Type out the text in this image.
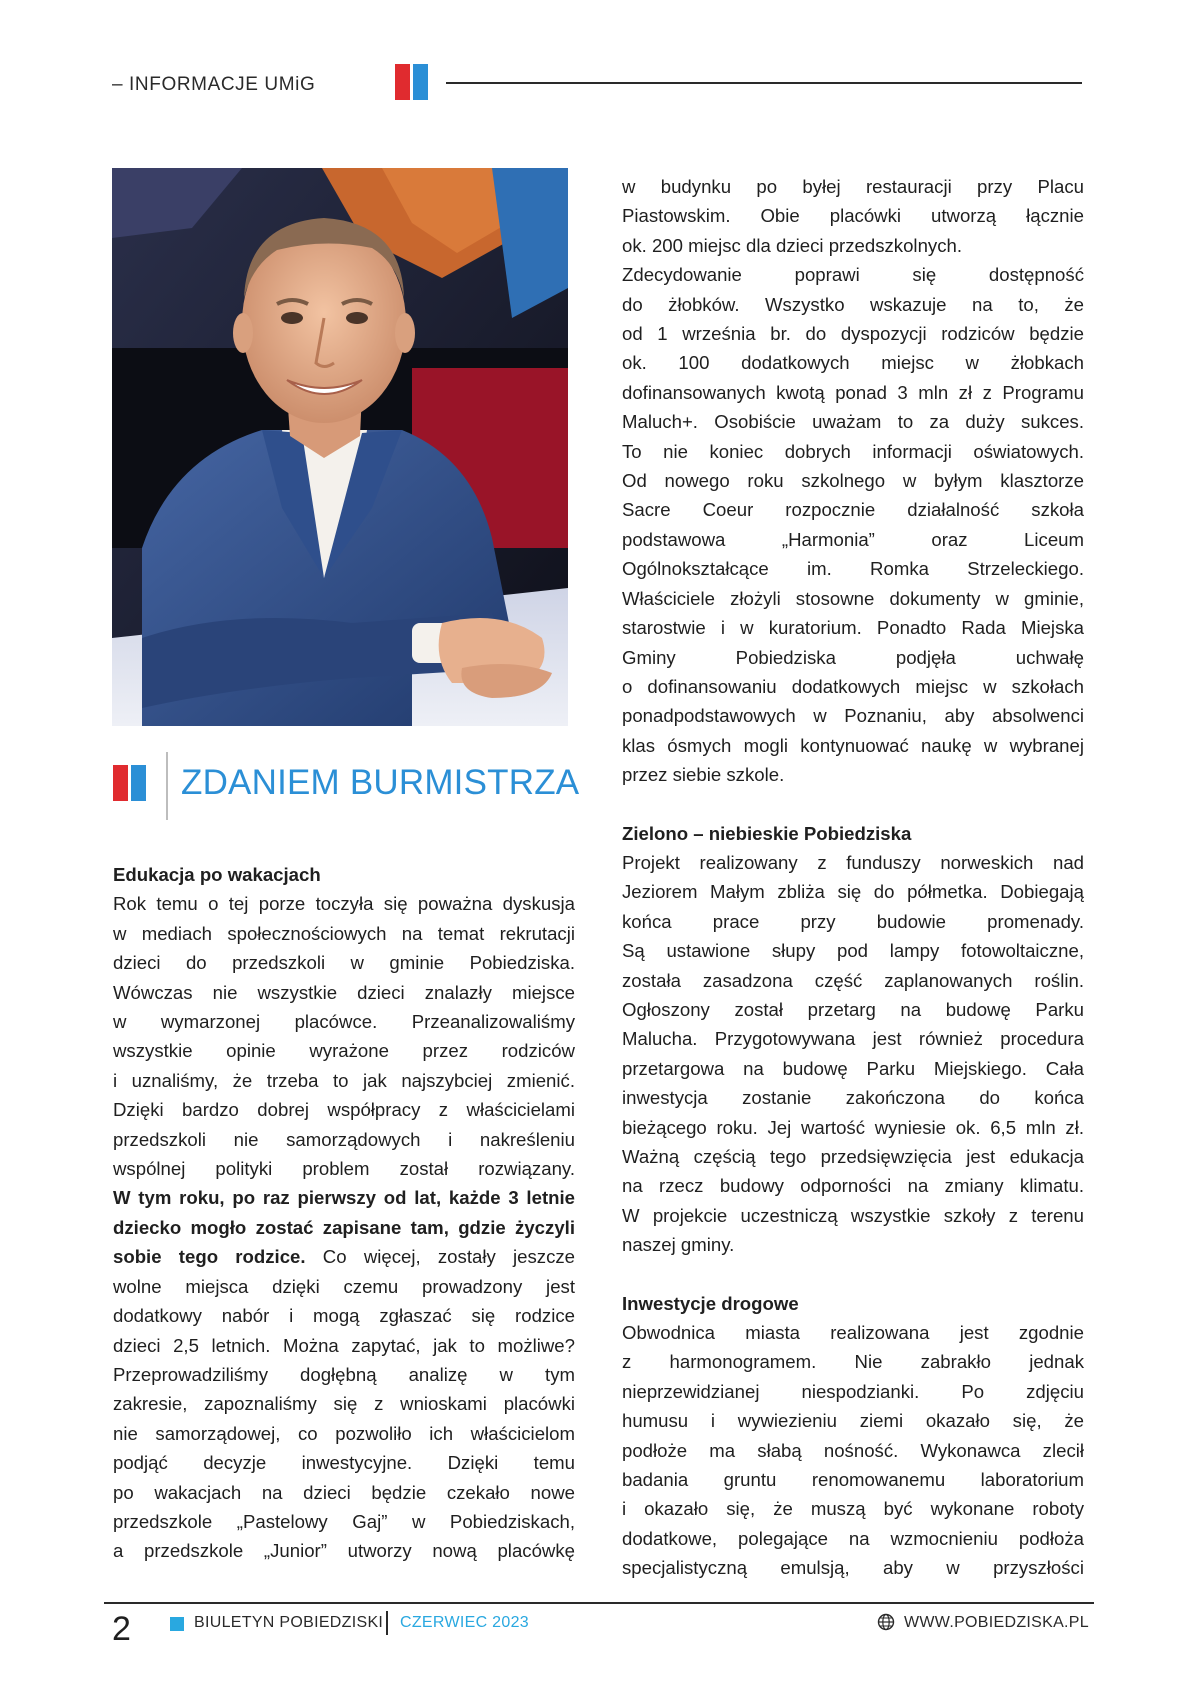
– INFORMACJE UMiG
ZDANIEM BURMISTRZA
Edukacja po wakacjach
Rok temu o tej porze toczyła się poważna dyskusja
w mediach społecznościowych na temat rekrutacji
dzieci do przedszkoli w gminie Pobiedziska.
Wówczas nie wszystkie dzieci znalazły miejsce
w wymarzonej placówce. Przeanalizowaliśmy
wszystkie opinie wyrażone przez rodziców
i uznaliśmy, że trzeba to jak najszybciej zmienić.
Dzięki bardzo dobrej współpracy z właścicielami
przedszkoli nie samorządowych i nakreśleniu
wspólnej polityki problem został rozwiązany.
W tym roku, po raz pierwszy od lat, każde 3 letnie
dziecko mogło zostać zapisane tam, gdzie życzyli
sobie tego rodzice. Co więcej, zostały jeszcze
wolne miejsca dzięki czemu prowadzony jest
dodatkowy nabór i mogą zgłaszać się rodzice
dzieci 2,5 letnich. Można zapytać, jak to możliwe?
Przeprowadziliśmy dogłębną analizę w tym
zakresie, zapoznaliśmy się z wnioskami placówki
nie samorządowej, co pozwoliło ich właścicielom
podjąć decyzje inwestycyjne. Dzięki temu
po wakacjach na dzieci będzie czekało nowe
przedszkole „Pastelowy Gaj” w Pobiedziskach,
a przedszkole „Junior” utworzy nową placówkę
w budynku po byłej restauracji przy Placu
Piastowskim. Obie placówki utworzą łącznie
ok. 200 miejsc dla dzieci przedszkolnych.
Zdecydowanie poprawi się dostępność
do żłobków. Wszystko wskazuje na to, że
od 1 września br. do dyspozycji rodziców będzie
ok. 100 dodatkowych miejsc w żłobkach
dofinansowanych kwotą ponad 3 mln zł z Programu
Maluch+. Osobiście uważam to za duży sukces.
To nie koniec dobrych informacji oświatowych.
Od nowego roku szkolnego w byłym klasztorze
Sacre Coeur rozpocznie działalność szkoła
podstawowa „Harmonia” oraz Liceum
Ogólnokształcące im. Romka Strzeleckiego.
Właściciele złożyli stosowne dokumenty w gminie,
starostwie i w kuratorium. Ponadto Rada Miejska
Gminy Pobiedziska podjęła uchwałę
o dofinansowaniu dodatkowych miejsc w szkołach
ponadpodstawowych w Poznaniu, aby absolwenci
klas ósmych mogli kontynuować naukę w wybranej
przez siebie szkole.
Zielono – niebieskie Pobiedziska
Projekt realizowany z funduszy norweskich nad
Jeziorem Małym zbliża się do półmetka. Dobiegają
końca prace przy budowie promenady.
Są ustawione słupy pod lampy fotowoltaiczne,
została zasadzona część zaplanowanych roślin.
Ogłoszony został przetarg na budowę Parku
Malucha. Przygotowywana jest również procedura
przetargowa na budowę Parku Miejskiego. Cała
inwestycja zostanie zakończona do końca
bieżącego roku. Jej wartość wyniesie ok. 6,5 mln zł.
Ważną częścią tego przedsięwzięcia jest edukacja
na rzecz budowy odporności na zmiany klimatu.
W projekcie uczestniczą wszystkie szkoły z terenu
naszej gminy.
Inwestycje drogowe
Obwodnica miasta realizowana jest zgodnie
z harmonogramem. Nie zabrakło jednak
nieprzewidzianej niespodzianki. Po zdjęciu
humusu i wywiezieniu ziemi okazało się, że
podłoże ma słabą nośność. Wykonawca zlecił
badania gruntu renomowanemu laboratorium
i okazało się, że muszą być wykonane roboty
dodatkowe, polegające na wzmocnieniu podłoża
specjalistyczną emulsją, aby w przyszłości
2	BIULETYN POBIEDZISKI CZERWIEC 2023	WWW.POBIEDZISKA.PL
